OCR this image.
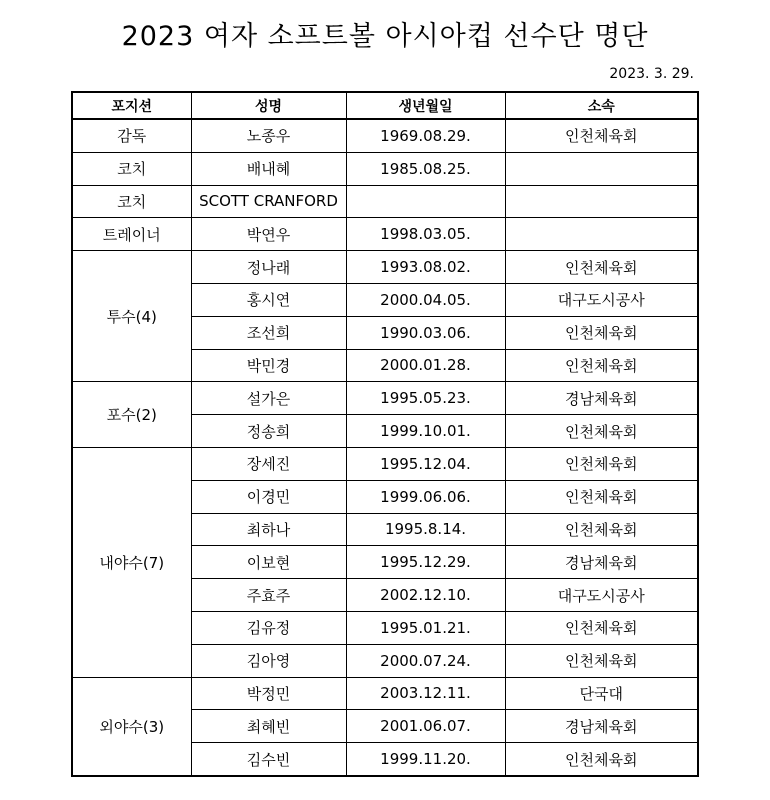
2023 여자 소프트볼 아시아컵 선수단 명단
2023. 3. 29.
포지션	성명	생년월일	소속
감독	노종우	1969.08.29.	인천체육회
코치	배내혜	1985.08.25.	
코치	SCOTT CRANFORD		
트레이너	박연우	1998.03.05.	
투수(4)	정나래	1993.08.02.	인천체육회
	홍시연	2000.04.05.	대구도시공사
	조선희	1990.03.06.	인천체육회
	박민경	2000.01.28.	인천체육회
포수(2)	설가은	1995.05.23.	경남체육회
	정송희	1999.10.01.	인천체육회
내야수(7)	장세진	1995.12.04.	인천체육회
	이경민	1999.06.06.	인천체육회
	최하나	1995.8.14.	인천체육회
	이보현	1995.12.29.	경남체육회
	주효주	2002.12.10.	대구도시공사
	김유정	1995.01.21.	인천체육회
	김아영	2000.07.24.	인천체육회
외야수(3)	박정민	2003.12.11.	단국대
	최혜빈	2001.06.07.	경남체육회
	김수빈	1999.11.20.	인천체육회
